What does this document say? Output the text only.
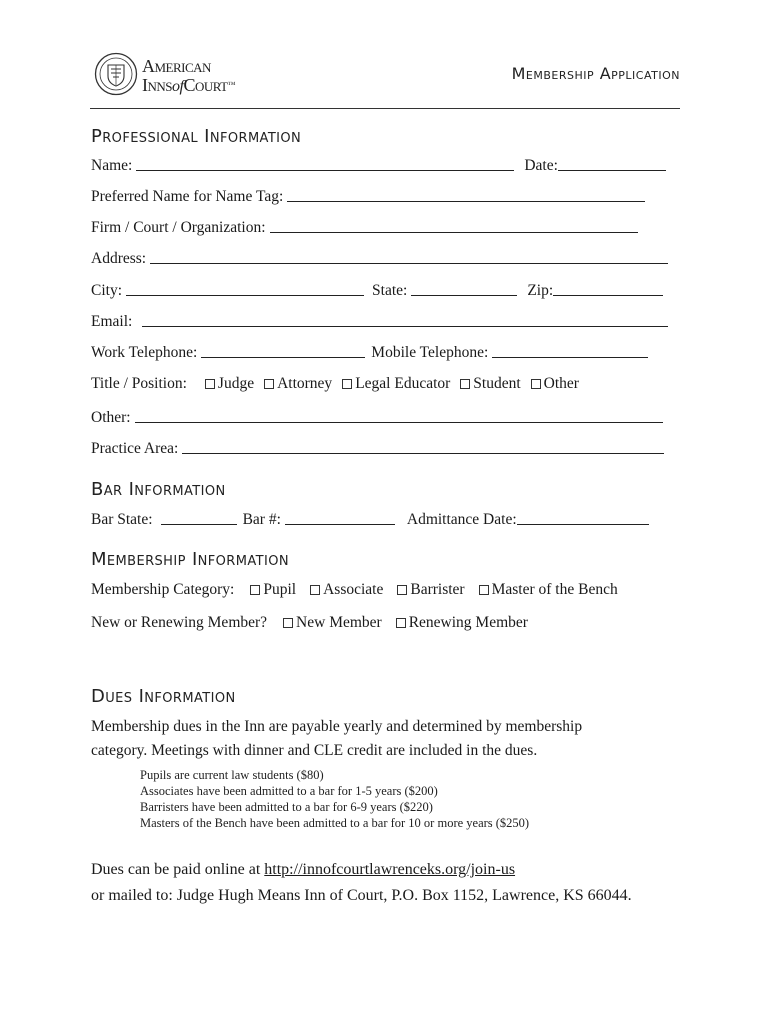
American
InnsofCourt™
Membership Application
Professional Information
Name:	Date:
Preferred Name for Name Tag:
Firm / Court / Organization:
Address:
City:	State:	Zip:
Email:
Work Telephone:	Mobile Telephone:
Title / Position:	Judge Attorney Legal Educator Student Other
Other:
Practice Area:
Bar Information
Bar State:	Bar #:	Admittance Date:
Membership Information
Membership Category:	Pupil Associate Barrister Master of the Bench
New or Renewing Member?	New Member Renewing Member
Dues Information
Membership dues in the Inn are payable yearly and determined by membership
category. Meetings with dinner and CLE credit are included in the dues.
Pupils are current law students ($80)
Associates have been admitted to a bar for 1-5 years ($200)
Barristers have been admitted to a bar for 6-9 years ($220)
Masters of the Bench have been admitted to a bar for 10 or more years ($250)
Dues can be paid online at http://innofcourtlawrenceks.org/join-us
or mailed to: Judge Hugh Means Inn of Court, P.O. Box 1152, Lawrence, KS 66044.
